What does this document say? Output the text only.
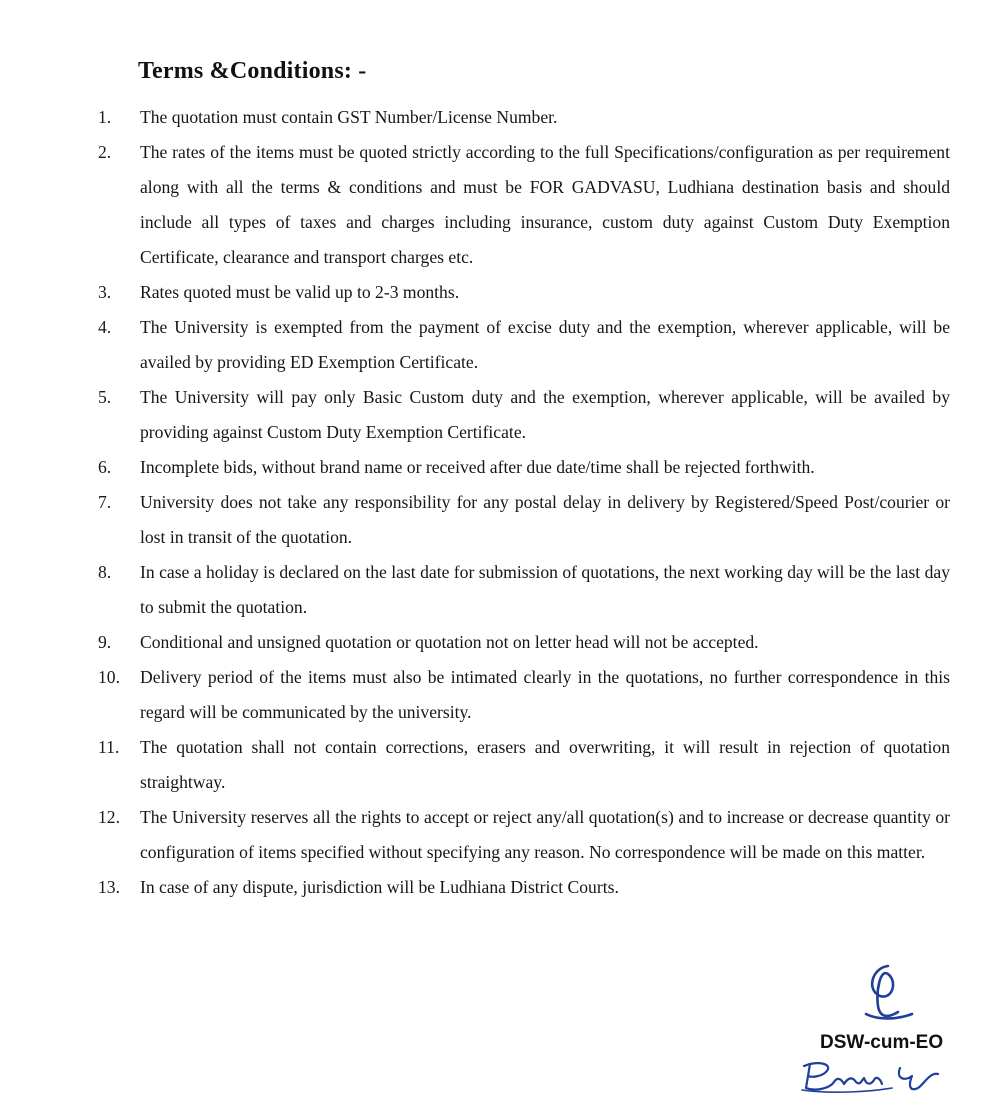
Terms &Conditions: -
1.	The quotation must contain GST Number/License Number.
2.	The rates of the items must be quoted strictly according to the full Specifications/configuration as per requirement along with all the terms & conditions and must be FOR GADVASU, Ludhiana destination basis and should include all types of taxes and charges including insurance, custom duty against Custom Duty Exemption Certificate, clearance and transport charges etc.
3.	Rates quoted must be valid up to 2-3 months.
4.	The University is exempted from the payment of excise duty and the exemption, wherever applicable, will be availed by providing ED Exemption Certificate.
5.	The University will pay only Basic Custom duty and the exemption, wherever applicable, will be availed by providing against Custom Duty Exemption Certificate.
6.	Incomplete bids, without brand name or received after due date/time shall be rejected forthwith.
7.	University does not take any responsibility for any postal delay in delivery by Registered/Speed Post/courier or lost in transit of the quotation.
8.	In case a holiday is declared on the last date for submission of quotations, the next working day will be the last day to submit the quotation.
9.	Conditional and unsigned quotation or quotation not on letter head will not be accepted.
10.	Delivery period of the items must also be intimated clearly in the quotations, no further correspondence in this regard will be communicated by the university.
11.	The quotation shall not contain corrections, erasers and overwriting, it will result in rejection of quotation straightway.
12.	The University reserves all the rights to accept or reject any/all quotation(s) and to increase or decrease quantity or configuration of items specified without specifying any reason. No correspondence will be made on this matter.
13.	In case of any dispute, jurisdiction will be Ludhiana District Courts.
DSW-cum-EO
